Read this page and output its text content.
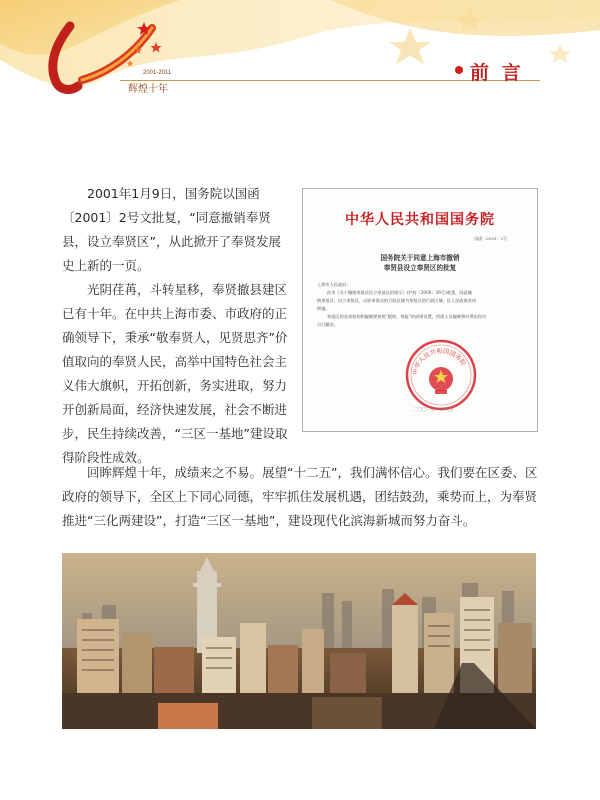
2001-2011
辉煌十年
前 言

2001年1月9日，国务院以国函〔2001〕2号文批复，“同意撤销奉贤县，设立奉贤区”，从此掀开了奉贤发展史上新的一页。

光阴荏苒，斗转星移，奉贤撤县建区已有十年。在中共上海市委、市政府的正确领导下，秉承“敬奉贤人，见贤思齐”价值取向的奉贤人民，高举中国特色社会主义伟大旗帜，开拓创新，务实进取，努力开创新局面，经济快速发展，社会不断进步，民生持续改善，“三区一基地”建设取得阶段性成效。

中华人民共和国国务院
国函〔2001〕2号
国务院关于同意上海市撤销
奉贤县设立奉贤区的批复
上海市人民政府：
你市《关于撤销奉贤县设立奉贤区的请示》(沪府〔2000〕36号)收悉。同意撤
销奉贤县，设立奉贤区，以原奉贤县的行政区域为奉贤区的行政区域。区人民政府驻南
桥镇。
奉贤区的各类机构和编制要按照“精简、效能”的原则设置，所需人员编制和经费由你市
自行解决。
中华人民共和国国务院
二〇〇一年一月九日

回眸辉煌十年，成绩来之不易。展望“十二五”，我们满怀信心。我们要在区委、区政府的领导下，全区上下同心同德，牢牢抓住发展机遇，团结鼓劲，乘势而上，为奉贤推进“三化两建设”，打造“三区一基地”，建设现代化滨海新城而努力奋斗。
